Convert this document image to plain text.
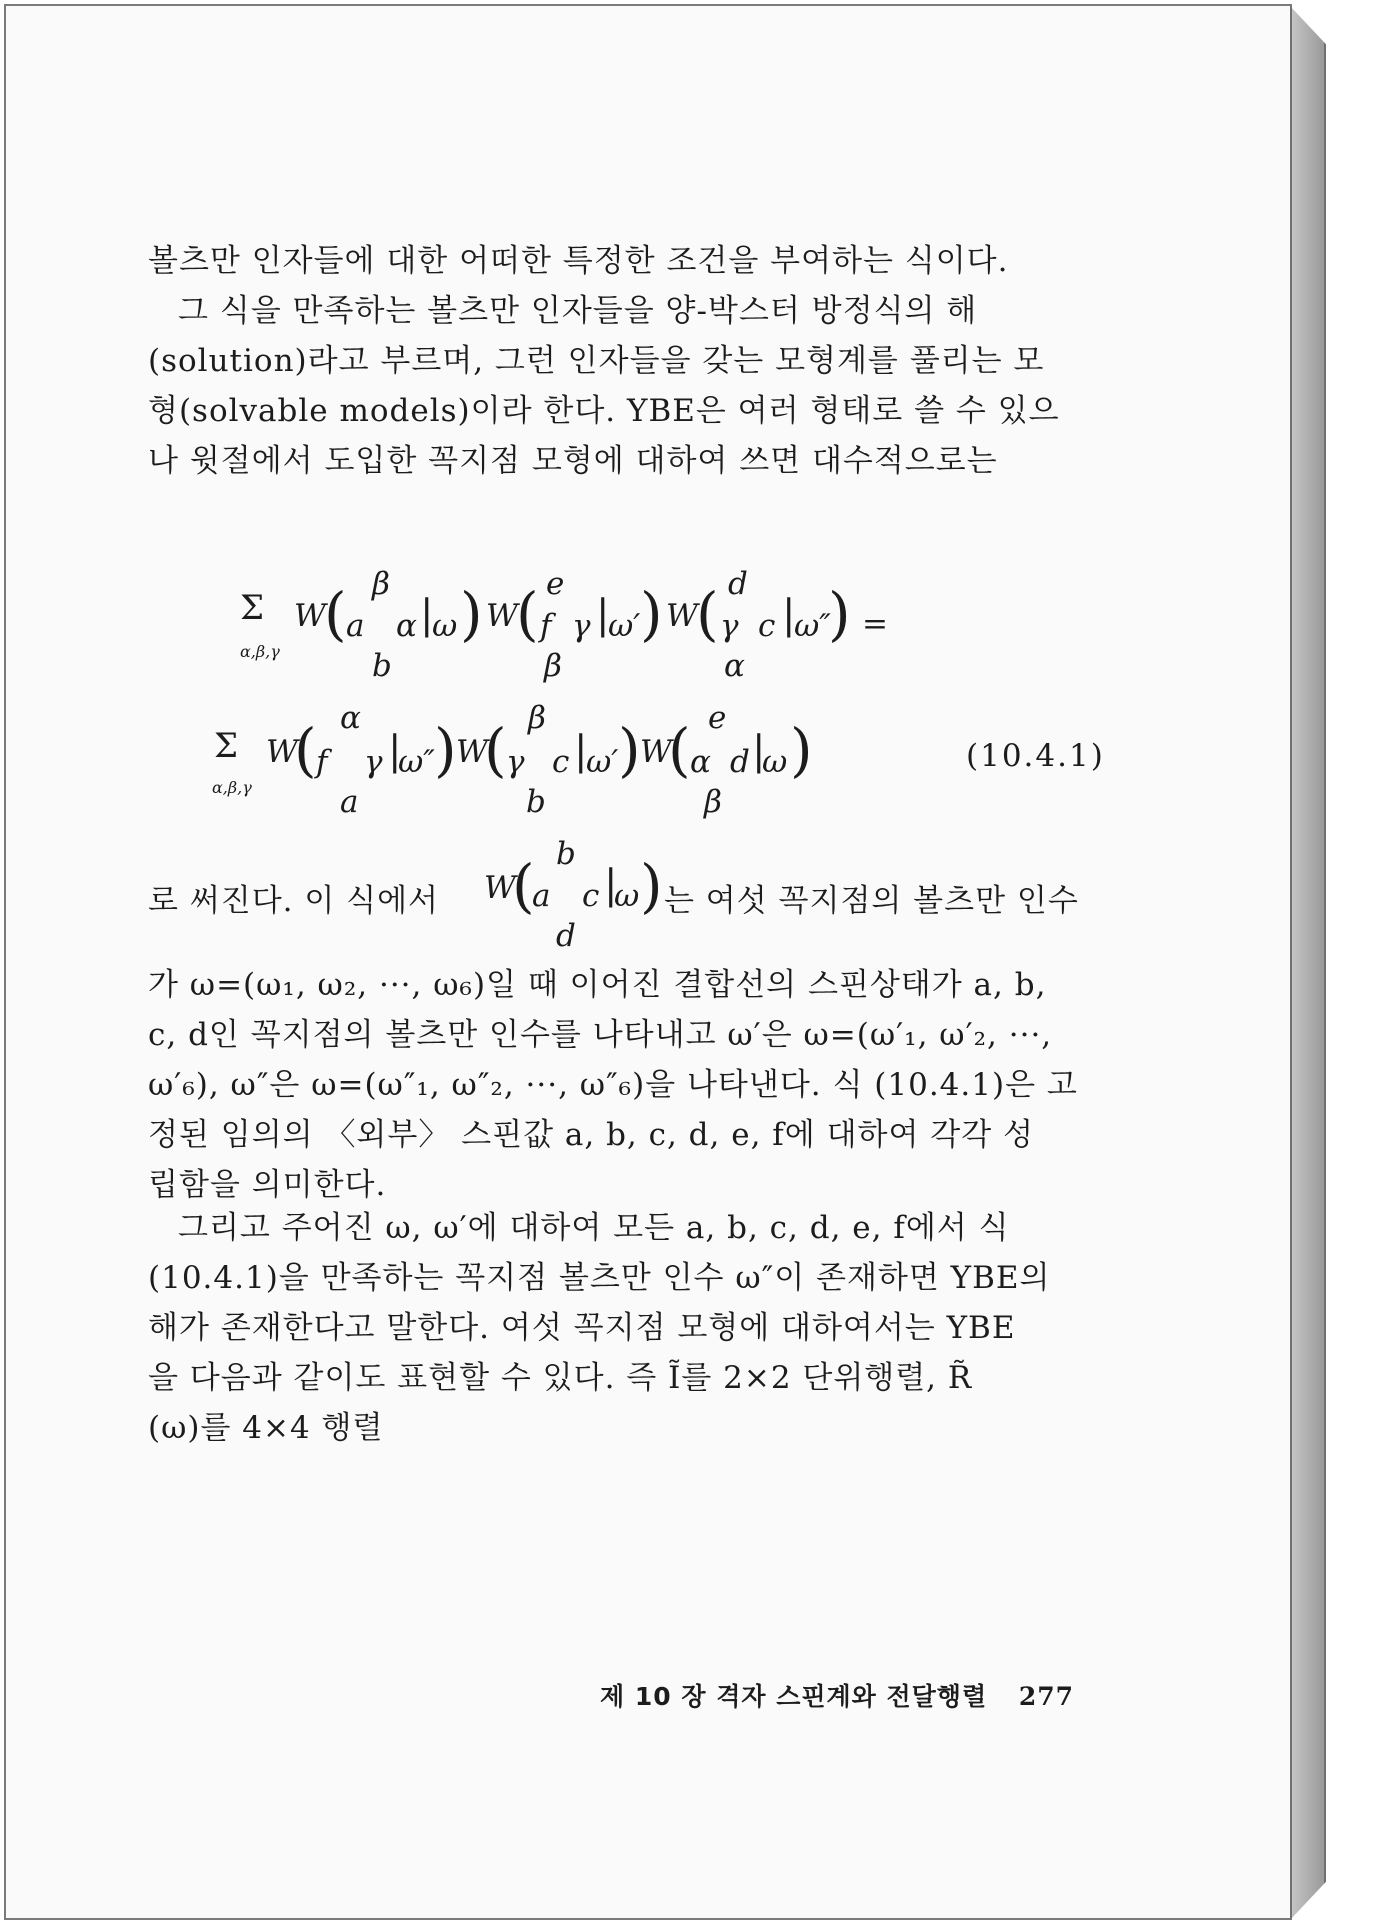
볼츠만 인자들에 대한 어떠한 특정한 조건을 부여하는 식이다.
그 식을 만족하는 볼츠만 인자들을 양-박스터 방정식의 해
(solution)라고 부르며, 그런 인자들을 갖는 모형계를 풀리는 모
형(solvable models)이라 한다. YBE은 여러 형태로 쓸 수 있으
나 윗절에서 도입한 꼭지점 모형에 대하여 쓰면 대수적으로는
Σ
α,β,γ
W
( β
a α |
ω
b
) W
( e
f γ |
ω′
β
) W
( d
γ c |
ω″
α
) =
Σ
α,β,γ
W
( α
f γ |
ω″
a
) W
( β
γ c |
ω′
b
) W
( e
α d |
ω
β
)	(10.4.1)
로 써진다. 이 식에서 W
( b
a c |
ω
d
) 는 여섯 꼭지점의 볼츠만 인수
가 ω=(ω₁, ω₂, ···, ω₆)일 때 이어진 결합선의 스핀상태가 a, b,
c, d인 꼭지점의 볼츠만 인수를 나타내고 ω′은 ω=(ω′₁, ω′₂, ···,
ω′₆), ω″은 ω=(ω″₁, ω″₂, ···, ω″₆)을 나타낸다. 식 (10.4.1)은 고
정된 임의의 〈외부〉 스핀값 a, b, c, d, e, f에 대하여 각각 성
립함을 의미한다.
그리고 주어진 ω, ω′에 대하여 모든 a, b, c, d, e, f에서 식
(10.4.1)을 만족하는 꼭지점 볼츠만 인수 ω″이 존재하면 YBE의
해가 존재한다고 말한다. 여섯 꼭지점 모형에 대하여서는 YBE
을 다음과 같이도 표현할 수 있다. 즉 Ĩ를 2×2 단위행렬, R̃
(ω)를 4×4 행렬
제 10 장 격자 스핀계와 전달행렬 277
